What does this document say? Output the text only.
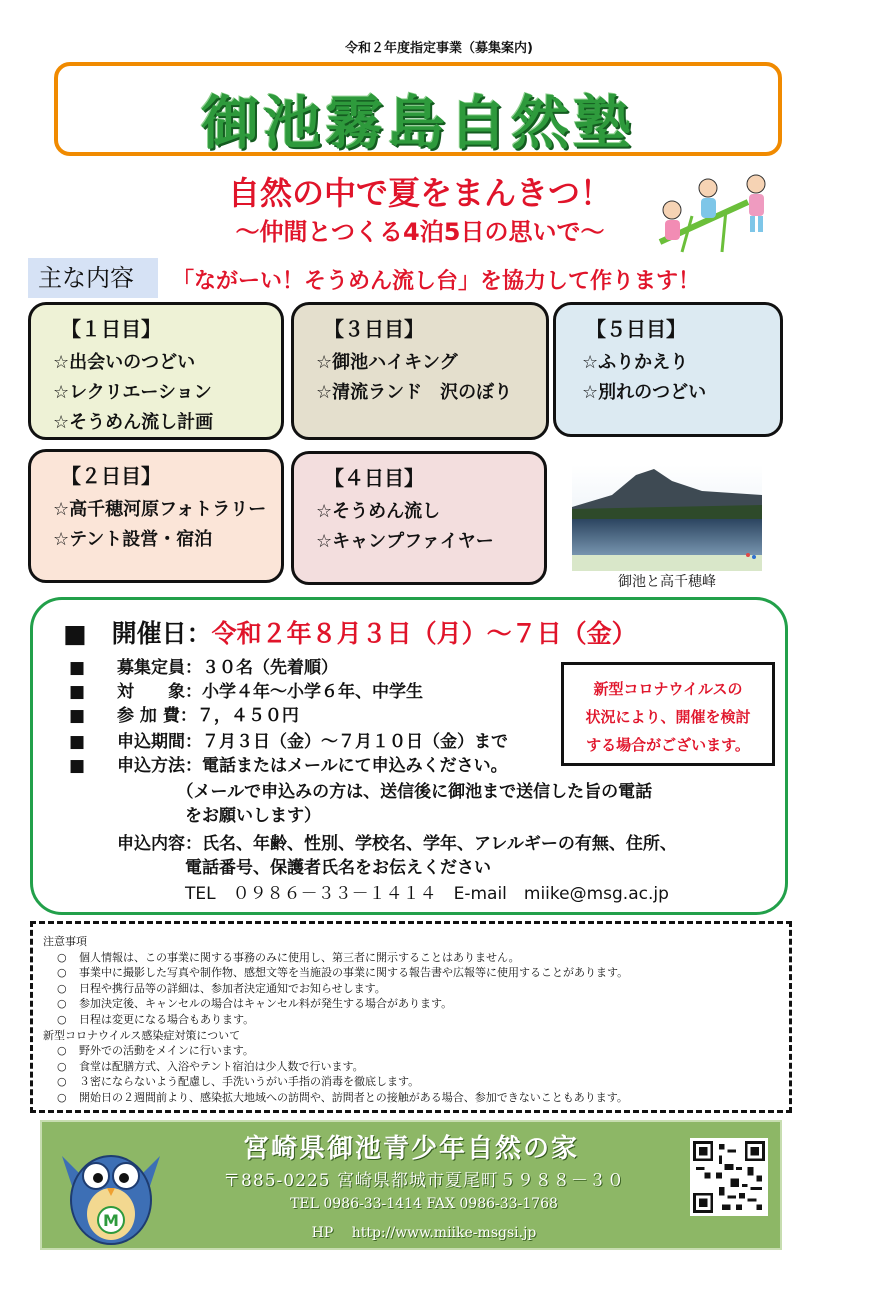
令和２年度指定事業（募集案内)
御池霧島自然塾
自然の中で夏をまんきつ！
〜仲間とつくる4泊5日の思いで〜
主な内容	「ながーい！そうめん流し台」を協力して作ります！
【１日目】
☆出会いのつどい
☆レクリエーション
☆そうめん流し計画
【３日目】
☆御池ハイキング
☆清流ランド　沢のぼり
【５日目】
☆ふりかえり
☆別れのつどい
【２日目】
☆高千穂河原フォトラリー
☆テント設営・宿泊
【４日目】
☆そうめん流し
☆キャンプファイヤー
御池と高千穂峰
■　開催日：令和２年８月３日（月）〜７日（金）
■ 募集定員：３０名（先着順）
■ 対　　象：小学４年〜小学６年、中学生
■ 参 加 費：７，４５０円
■ 申込期間：７月３日（金）〜７月１０日（金）まで
■ 申込方法：電話またはメールにて申込みください。
　　　　（メールで申込みの方は、送信後に御池まで送信した旨の電話
　　　　をお願いします）
申込内容：氏名、年齢、性別、学校名、学年、アレルギーの有無、住所、
　　　　電話番号、保護者氏名をお伝えください
　　　　TEL　０９８６－３３－１４１４　E-mail　miike@msg.ac.jp
新型コロナウイルスの
状況により、開催を検討
する場合がございます。
注意事項
○ 個人情報は、この事業に関する事務のみに使用し、第三者に開示することはありません。
○ 事業中に撮影した写真や制作物、感想文等を当施設の事業に関する報告書や広報等に使用することがあります。
○ 日程や携行品等の詳細は、参加者決定通知でお知らせします。
○ 参加決定後、キャンセルの場合はキャンセル料が発生する場合があります。
○ 日程は変更になる場合もあります。
新型コロナウイルス感染症対策について
○ 野外での活動をメインに行います。
○ 食堂は配膳方式、入浴やテント宿泊は少人数で行います。
○ ３密にならないよう配慮し、手洗いうがい手指の消毒を徹底します。
○ 開始日の２週間前より、感染拡大地域への訪問や、訪問者との接触がある場合、参加できないこともあります。
M
宮崎県御池青少年自然の家
〒885-0225 宮崎県都城市夏尾町５９８８－３０
TEL 0986-33-1414 FAX 0986-33-1768
HP　 http://www.miike-msgsi.jp
